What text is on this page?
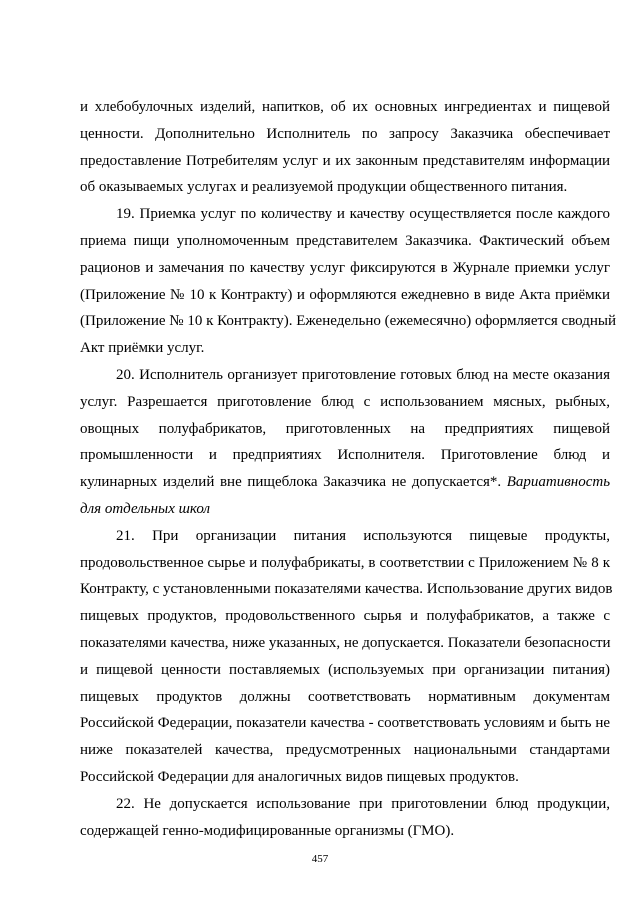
и хлебобулочных изделий, напитков, об их основных ингредиентах и пищевой
ценности. Дополнительно Исполнитель по запросу Заказчика обеспечивает
предоставление Потребителям услуг и их законным представителям информации
об оказываемых услугах и реализуемой продукции общественного питания.

19. Приемка услуг по количеству и качеству осуществляется после каждого
приема пищи уполномоченным представителем Заказчика. Фактический объем
рационов и замечания по качеству услуг фиксируются в Журнале приемки услуг
(Приложение № 10 к Контракту) и оформляются ежедневно в виде Акта приёмки
(Приложение № 10 к Контракту). Еженедельно (ежемесячно) оформляется сводный
Акт приёмки услуг.

20. Исполнитель организует приготовление готовых блюд на месте оказания
услуг. Разрешается приготовление блюд с использованием мясных, рыбных,
овощных полуфабрикатов, приготовленных на предприятиях пищевой
промышленности и предприятиях Исполнителя. Приготовление блюд и
кулинарных изделий вне пищеблока Заказчика не допускается*. Вариативность
для отдельных школ

21. При организации питания используются пищевые продукты,
продовольственное сырье и полуфабрикаты, в соответствии с Приложением № 8 к
Контракту, с установленными показателями качества. Использование других видов
пищевых продуктов, продовольственного сырья и полуфабрикатов, а также с
показателями качества, ниже указанных, не допускается. Показатели безопасности
и пищевой ценности поставляемых (используемых при организации питания)
пищевых продуктов должны соответствовать нормативным документам
Российской Федерации, показатели качества - соответствовать условиям и быть не
ниже показателей качества, предусмотренных национальными стандартами
Российской Федерации для аналогичных видов пищевых продуктов.

22. Не допускается использование при приготовлении блюд продукции,
содержащей генно-модифицированные организмы (ГМО).

457
